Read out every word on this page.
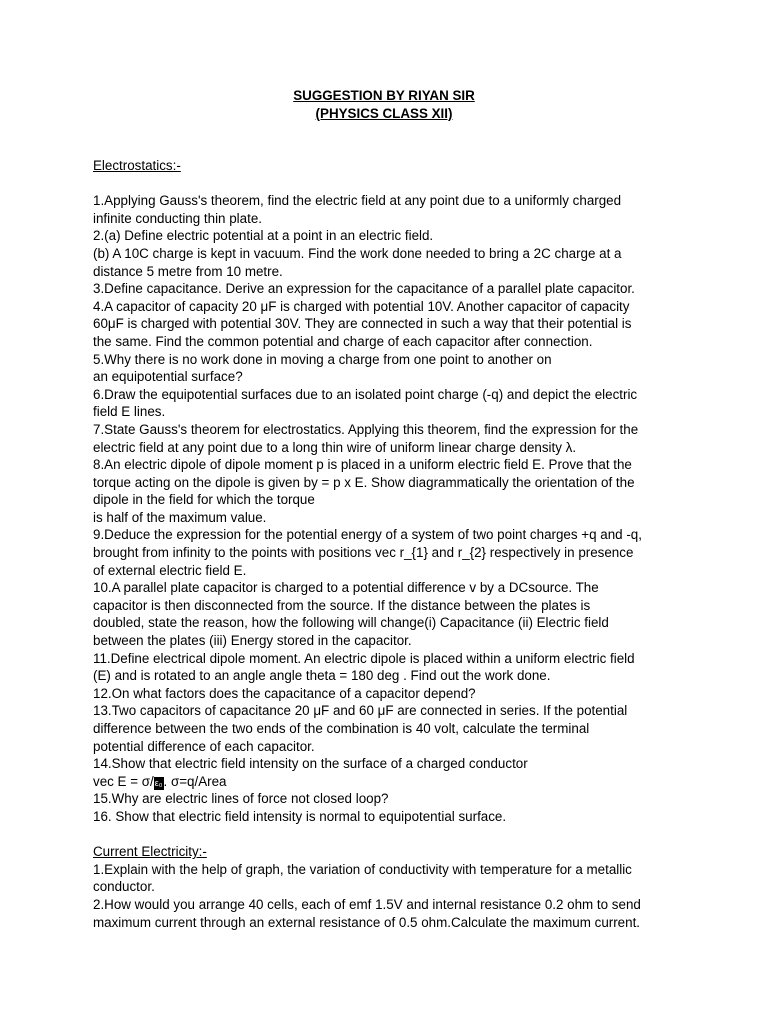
SUGGESTION BY RIYAN SIR
(PHYSICS CLASS XII)
Electrostatics:-
1.Applying Gauss's theorem, find the electric field at any point due to a uniformly charged
infinite conducting thin plate.
2.(a) Define electric potential at a point in an electric field.
(b) A 10C charge is kept in vacuum. Find the work done needed to bring a 2C charge at a
distance 5 metre from 10 metre.
3.Define capacitance. Derive an expression for the capacitance of a parallel plate capacitor.
4.A capacitor of capacity 20 μF is charged with potential 10V. Another capacitor of capacity
60μF is charged with potential 30V. They are connected in such a way that their potential is
the same. Find the common potential and charge of each capacitor after connection.
5.Why there is no work done in moving a charge from one point to another on
an equipotential surface?
6.Draw the equipotential surfaces due to an isolated point charge (-q) and depict the electric
field E lines.
7.State Gauss's theorem for electrostatics. Applying this theorem, find the expression for the
electric field at any point due to a long thin wire of uniform linear charge density λ.
8.An electric dipole of dipole moment p is placed in a uniform electric field E. Prove that the
torque acting on the dipole is given by = p x E. Show diagrammatically the orientation of the
dipole in the field for which the torque
is half of the maximum value.
9.Deduce the expression for the potential energy of a system of two point charges +q and -q,
brought from infinity to the points with positions vec r_{1} and r_{2} respectively in presence
of external electric field E.
10.A parallel plate capacitor is charged to a potential difference v by a DCsource. The
capacitor is then disconnected from the source. If the distance between the plates is
doubled, state the reason, how the following will change(i) Capacitance (ii) Electric field
between the plates (iii) Energy stored in the capacitor.
11.Define electrical dipole moment. An electric dipole is placed within a uniform electric field
(E) and is rotated to an angle angle theta = 180 deg . Find out the work done.
12.On what factors does the capacitance of a capacitor depend?
13.Two capacitors of capacitance 20 μF and 60 μF are connected in series. If the potential
difference between the two ends of the combination is 40 volt, calculate the terminal
potential difference of each capacitor.
14.Show that electric field intensity on the surface of a charged conductor
vec E = σ/ε₀. σ=q/Area
15.Why are electric lines of force not closed loop?
16. Show that electric field intensity is normal to equipotential surface.
Current Electricity:-
1.Explain with the help of graph, the variation of conductivity with temperature for a metallic
conductor.
2.How would you arrange 40 cells, each of emf 1.5V and internal resistance 0.2 ohm to send
maximum current through an external resistance of 0.5 ohm.Calculate the maximum current.
